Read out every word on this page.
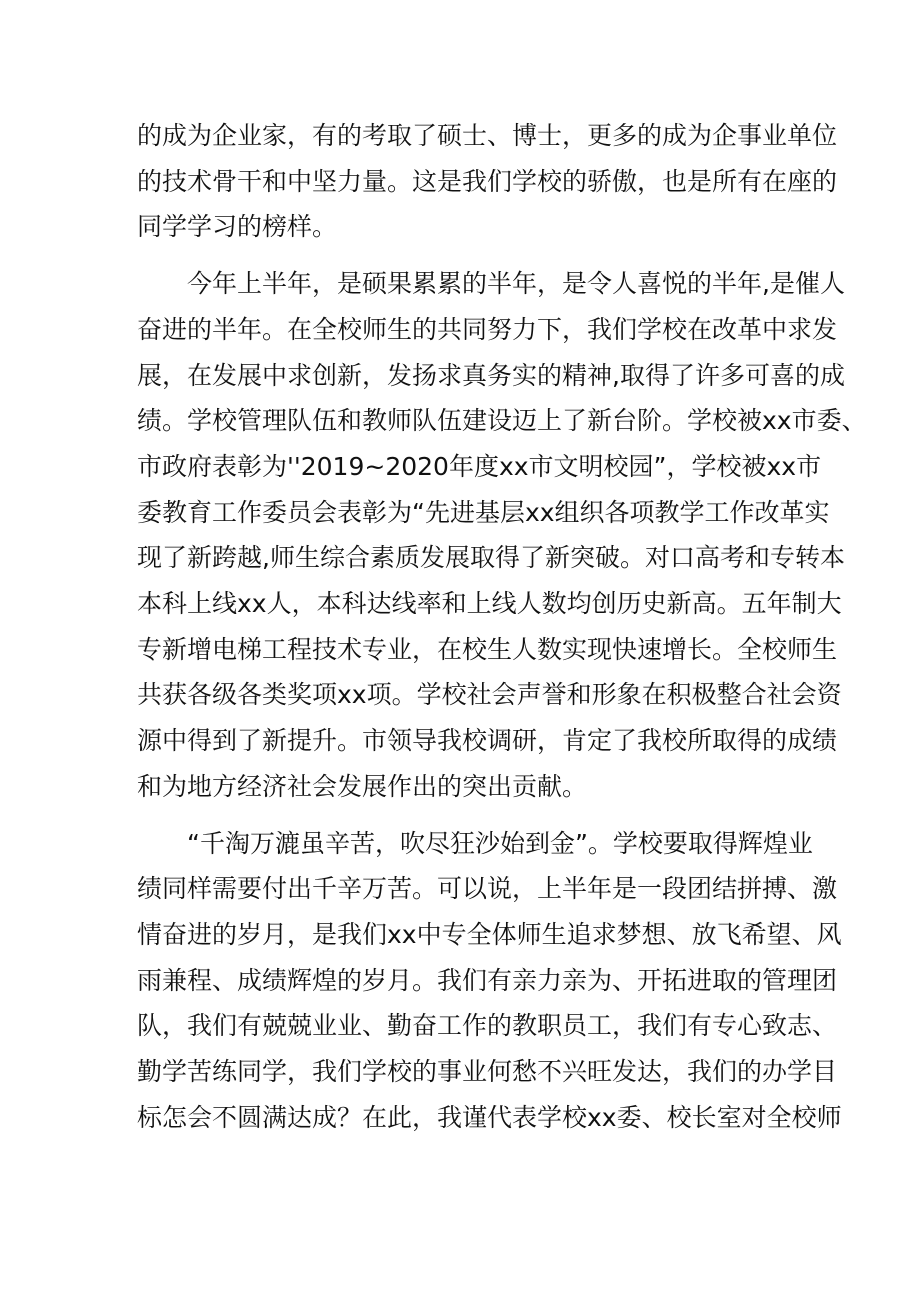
的成为企业家，有的考取了硕士、博士，更多的成为企事业单位
的技术骨干和中坚力量。这是我们学校的骄傲，也是所有在座的
同学学习的榜样。
　　今年上半年，是硕果累累的半年，是令人喜悦的半年,是催人
奋进的半年。在全校师生的共同努力下，我们学校在改革中求发
展，在发展中求创新，发扬求真务实的精神,取得了许多可喜的成
绩。学校管理队伍和教师队伍建设迈上了新台阶。学校被xx市委、
市政府表彰为''2019~2020年度xx市文明校园”，学校被xx市
委教育工作委员会表彰为“先进基层xx组织各项教学工作改革实
现了新跨越,师生综合素质发展取得了新突破。对口高考和专转本
本科上线xx人，本科达线率和上线人数均创历史新高。五年制大
专新增电梯工程技术专业，在校生人数实现快速增长。全校师生
共获各级各类奖项xx项。学校社会声誉和形象在积极整合社会资
源中得到了新提升。市领导我校调研，肯定了我校所取得的成绩
和为地方经济社会发展作出的突出贡献。
　　“千淘万漉虽辛苦，吹尽狂沙始到金”。学校要取得辉煌业
绩同样需要付出千辛万苦。可以说，上半年是一段团结拼搏、激
情奋进的岁月，是我们xx中专全体师生追求梦想、放飞希望、风
雨兼程、成绩辉煌的岁月。我们有亲力亲为、开拓进取的管理团
队，我们有兢兢业业、勤奋工作的教职员工，我们有专心致志、
勤学苦练同学，我们学校的事业何愁不兴旺发达，我们的办学目
标怎会不圆满达成？在此，我谨代表学校xx委、校长室对全校师
